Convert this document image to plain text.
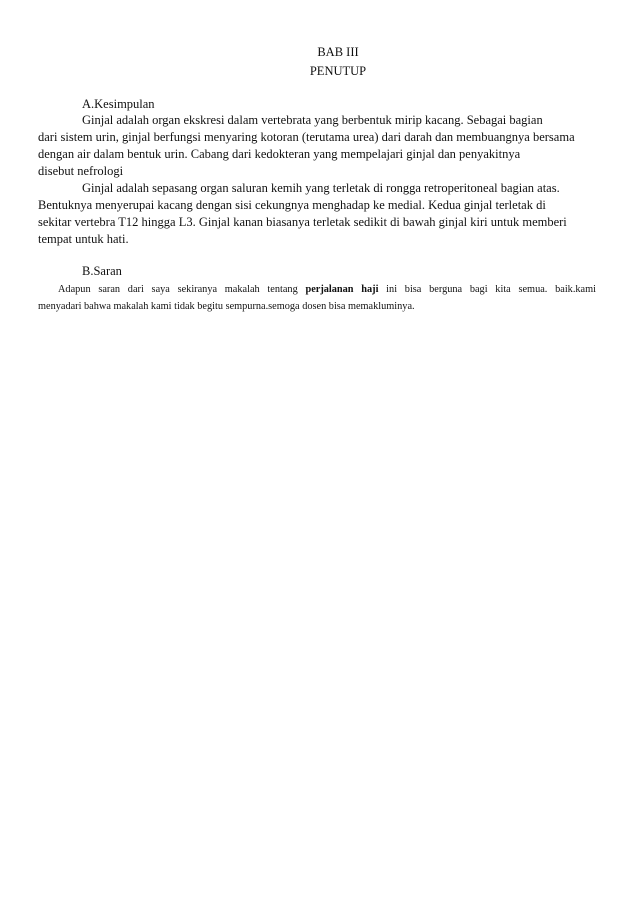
BAB III
PENUTUP
A.Kesimpulan
Ginjal adalah organ ekskresi dalam vertebrata yang berbentuk mirip kacang. Sebagai bagian
dari sistem urin, ginjal berfungsi menyaring kotoran (terutama urea) dari darah dan membuangnya bersama
dengan air dalam bentuk urin. Cabang dari kedokteran yang mempelajari ginjal dan penyakitnya
disebut nefrologi
Ginjal adalah sepasang organ saluran kemih yang terletak di rongga retroperitoneal bagian atas.
Bentuknya menyerupai kacang dengan sisi cekungnya menghadap ke medial. Kedua ginjal terletak di
sekitar vertebra T12 hingga L3. Ginjal kanan biasanya terletak sedikit di bawah ginjal kiri untuk memberi
tempat untuk hati.
B.Saran
Adapun saran dari saya sekiranya makalah tentang perjalanan haji ini bisa berguna bagi kita semua. baik.kami
menyadari bahwa makalah kami tidak begitu sempurna.semoga dosen bisa memakluminya.
